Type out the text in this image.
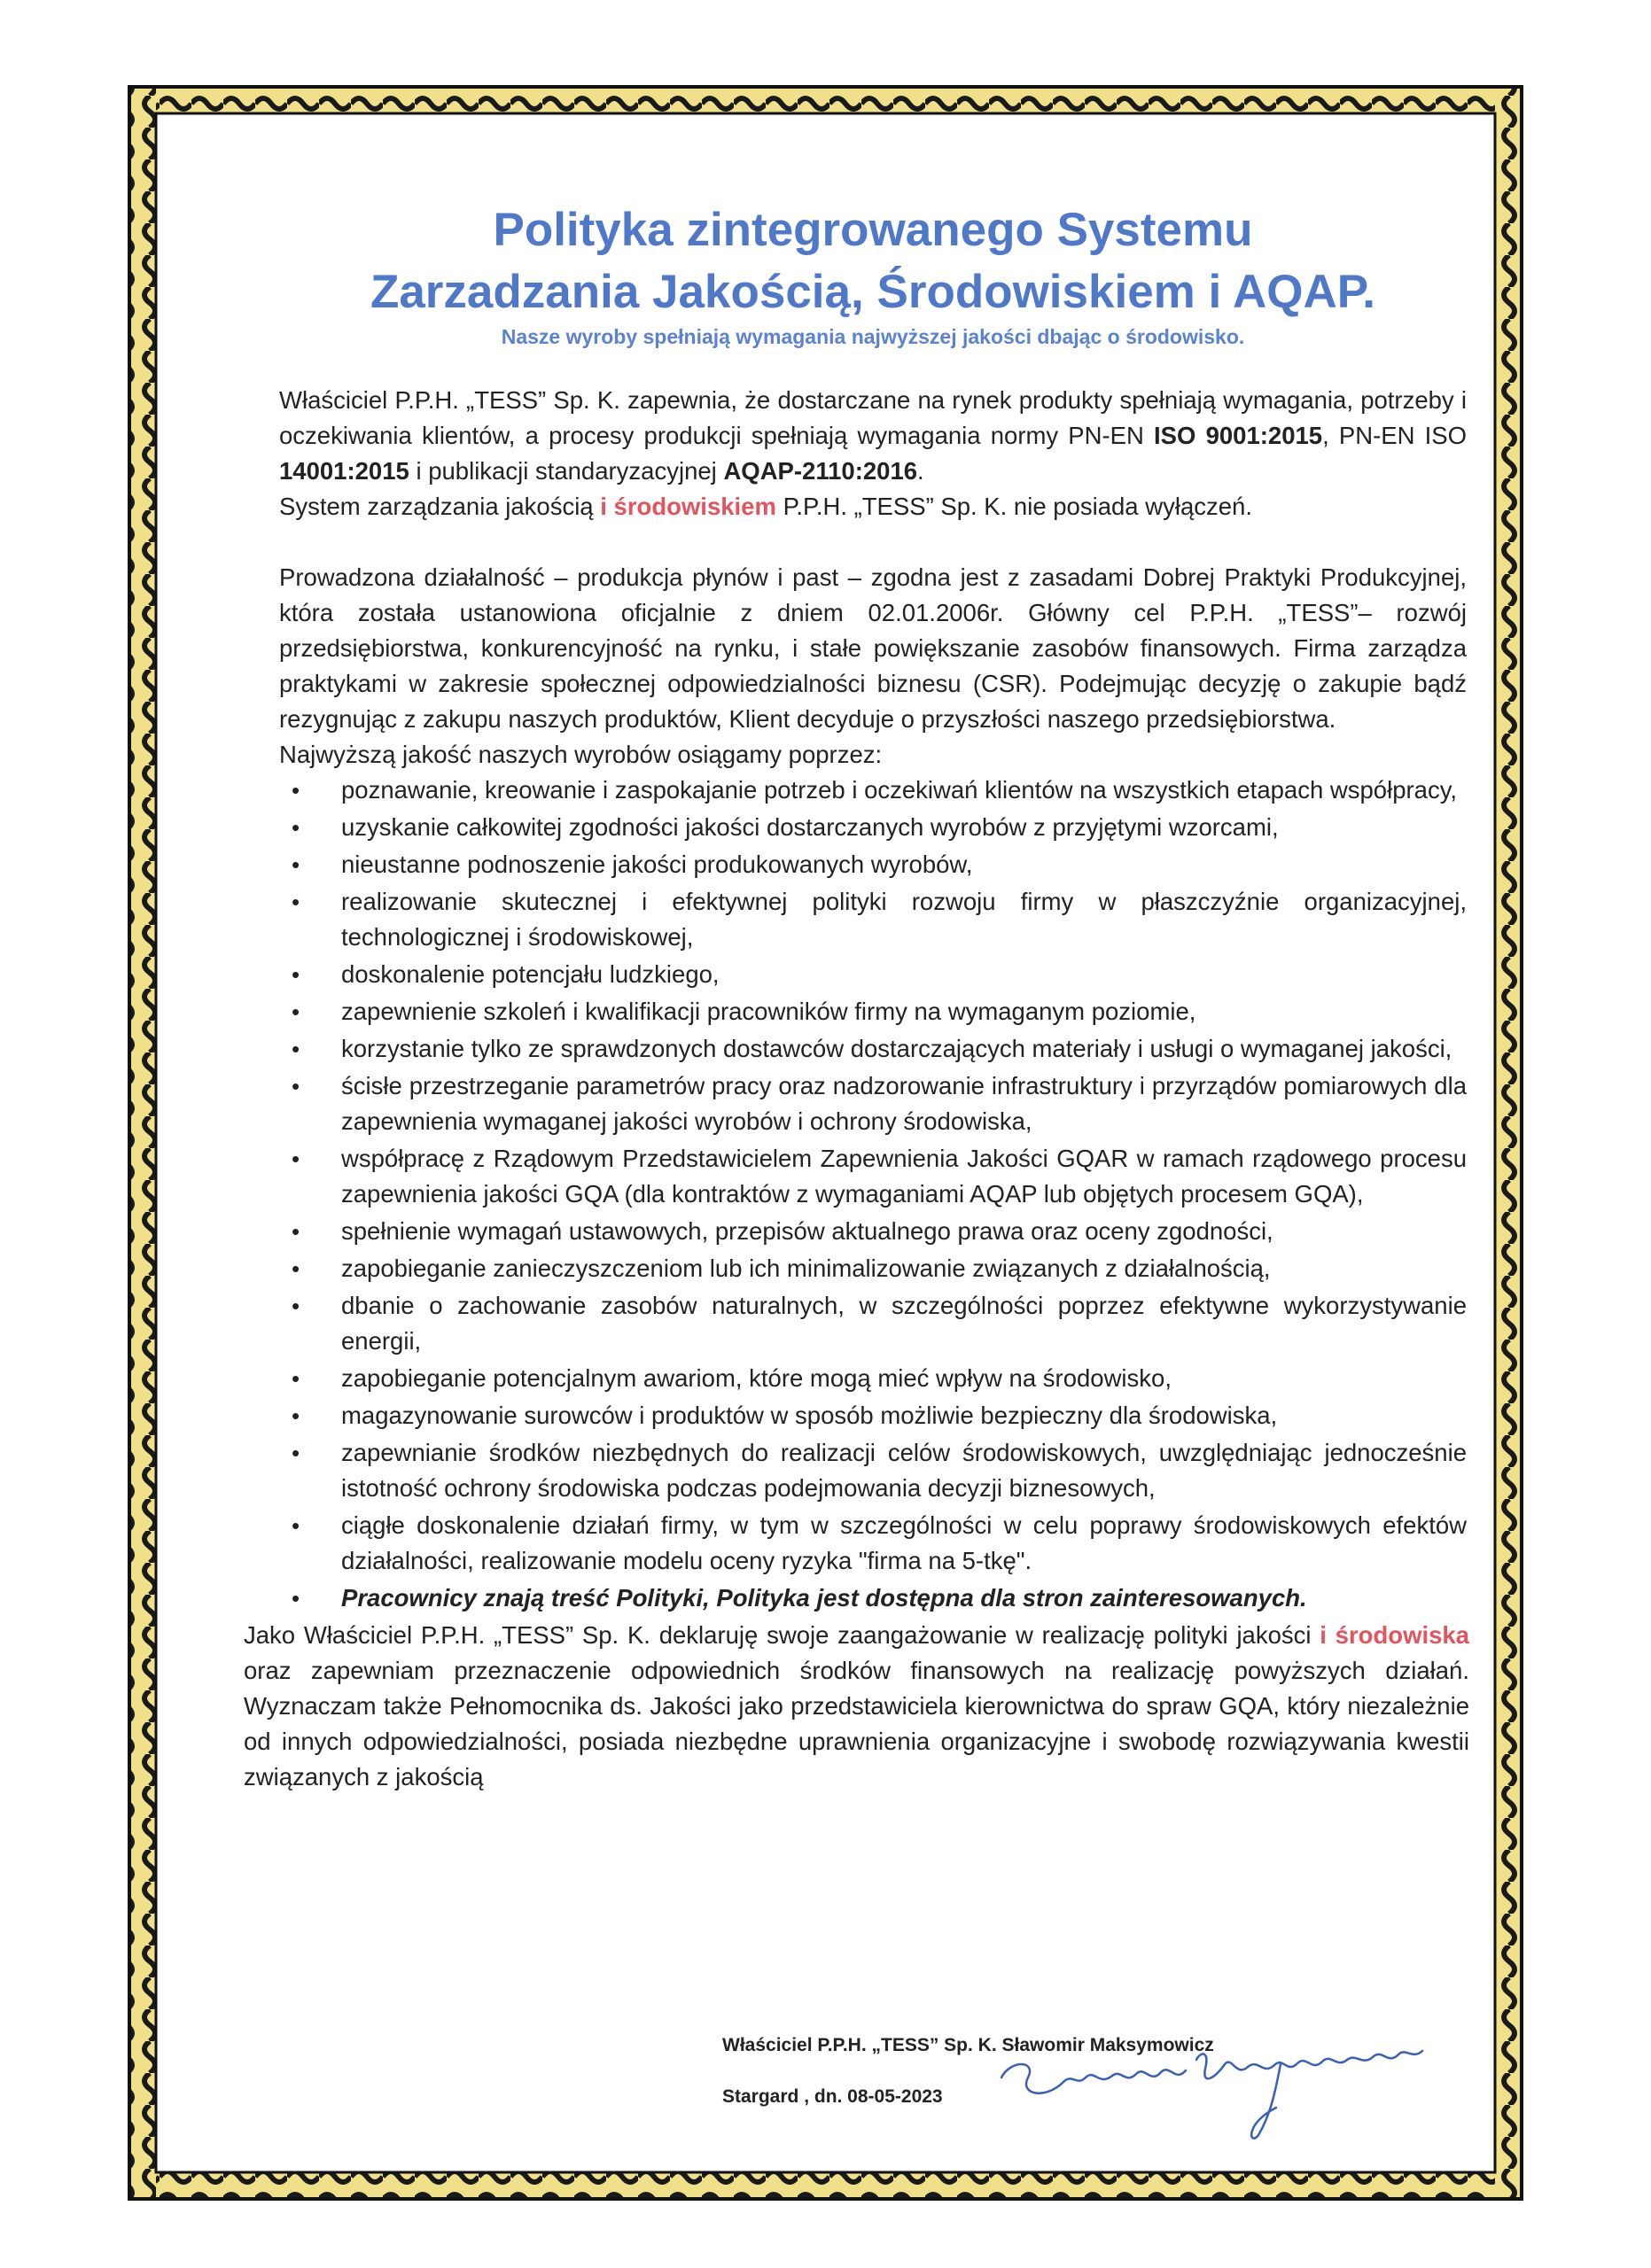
Polityka zintegrowanego Systemu
Zarzadzania Jakością, Środowiskiem i AQAP.
Nasze wyroby spełniają wymagania najwyższej jakości dbając o środowisko.

Właściciel P.P.H. „TESS” Sp. K. zapewnia, że dostarczane na rynek produkty spełniają wymagania, potrzeby i oczekiwania klientów, a procesy produkcji spełniają wymagania normy PN-EN ISO 9001:2015, PN-EN ISO 14001:2015 i publikacji standaryzacyjnej AQAP-2110:2016.

System zarządzania jakością i środowiskiem P.P.H. „TESS” Sp. K. nie posiada wyłączeń.

Prowadzona działalność – produkcja płynów i past – zgodna jest z zasadami Dobrej Praktyki Produkcyjnej, która została ustanowiona oficjalnie z dniem 02.01.2006r. Główny cel P.P.H. „TESS”– rozwój przedsiębiorstwa, konkurencyjność na rynku, i stałe powiększanie zasobów finansowych. Firma zarządza praktykami w zakresie społecznej odpowiedzialności biznesu (CSR). Podejmując decyzję o zakupie bądź rezygnując z zakupu naszych produktów, Klient decyduje o przyszłości naszego przedsiębiorstwa.

Najwyższą jakość naszych wyrobów osiągamy poprzez:

• poznawanie, kreowanie i zaspokajanie potrzeb i oczekiwań klientów na wszystkich etapach współpracy,
• uzyskanie całkowitej zgodności jakości dostarczanych wyrobów z przyjętymi wzorcami,
• nieustanne podnoszenie jakości produkowanych wyrobów,
• realizowanie skutecznej i efektywnej polityki rozwoju firmy w płaszczyźnie organizacyjnej, technologicznej i środowiskowej,
• doskonalenie potencjału ludzkiego,
• zapewnienie szkoleń i kwalifikacji pracowników firmy na wymaganym poziomie,
• korzystanie tylko ze sprawdzonych dostawców dostarczających materiały i usługi o wymaganej jakości,
• ścisłe przestrzeganie parametrów pracy oraz nadzorowanie infrastruktury i przyrządów pomiarowych dla zapewnienia wymaganej jakości wyrobów i ochrony środowiska,
• współpracę z Rządowym Przedstawicielem Zapewnienia Jakości GQAR w ramach rządowego procesu zapewnienia jakości GQA (dla kontraktów z wymaganiami AQAP lub objętych procesem GQA),
• spełnienie wymagań ustawowych, przepisów aktualnego prawa oraz oceny zgodności,
• zapobieganie zanieczyszczeniom lub ich minimalizowanie związanych z działalnością,
• dbanie o zachowanie zasobów naturalnych, w szczególności poprzez efektywne wykorzystywanie energii,
• zapobieganie potencjalnym awariom, które mogą mieć wpływ na środowisko,
• magazynowanie surowców i produktów w sposób możliwie bezpieczny dla środowiska,
• zapewnianie środków niezbędnych do realizacji celów środowiskowych, uwzględniając jednocześnie istotność ochrony środowiska podczas podejmowania decyzji biznesowych,
• ciągłe doskonalenie działań firmy, w tym w szczególności w celu poprawy środowiskowych efektów działalności, realizowanie modelu oceny ryzyka "firma na 5-tkę".
• Pracownicy znają treść Polityki, Polityka jest dostępna dla stron zainteresowanych.

Jako Właściciel P.P.H. „TESS” Sp. K. deklaruję swoje zaangażowanie w realizację polityki jakości i środowiska oraz zapewniam przeznaczenie odpowiednich środków finansowych na realizację powyższych działań. Wyznaczam także Pełnomocnika ds. Jakości jako przedstawiciela kierownictwa do spraw GQA, który niezależnie od innych odpowiedzialności, posiada niezbędne uprawnienia organizacyjne i swobodę rozwiązywania kwestii związanych z jakością

Właściciel P.P.H. „TESS” Sp. K. Sławomir Maksymowicz
Stargard , dn. 08-05-2023
